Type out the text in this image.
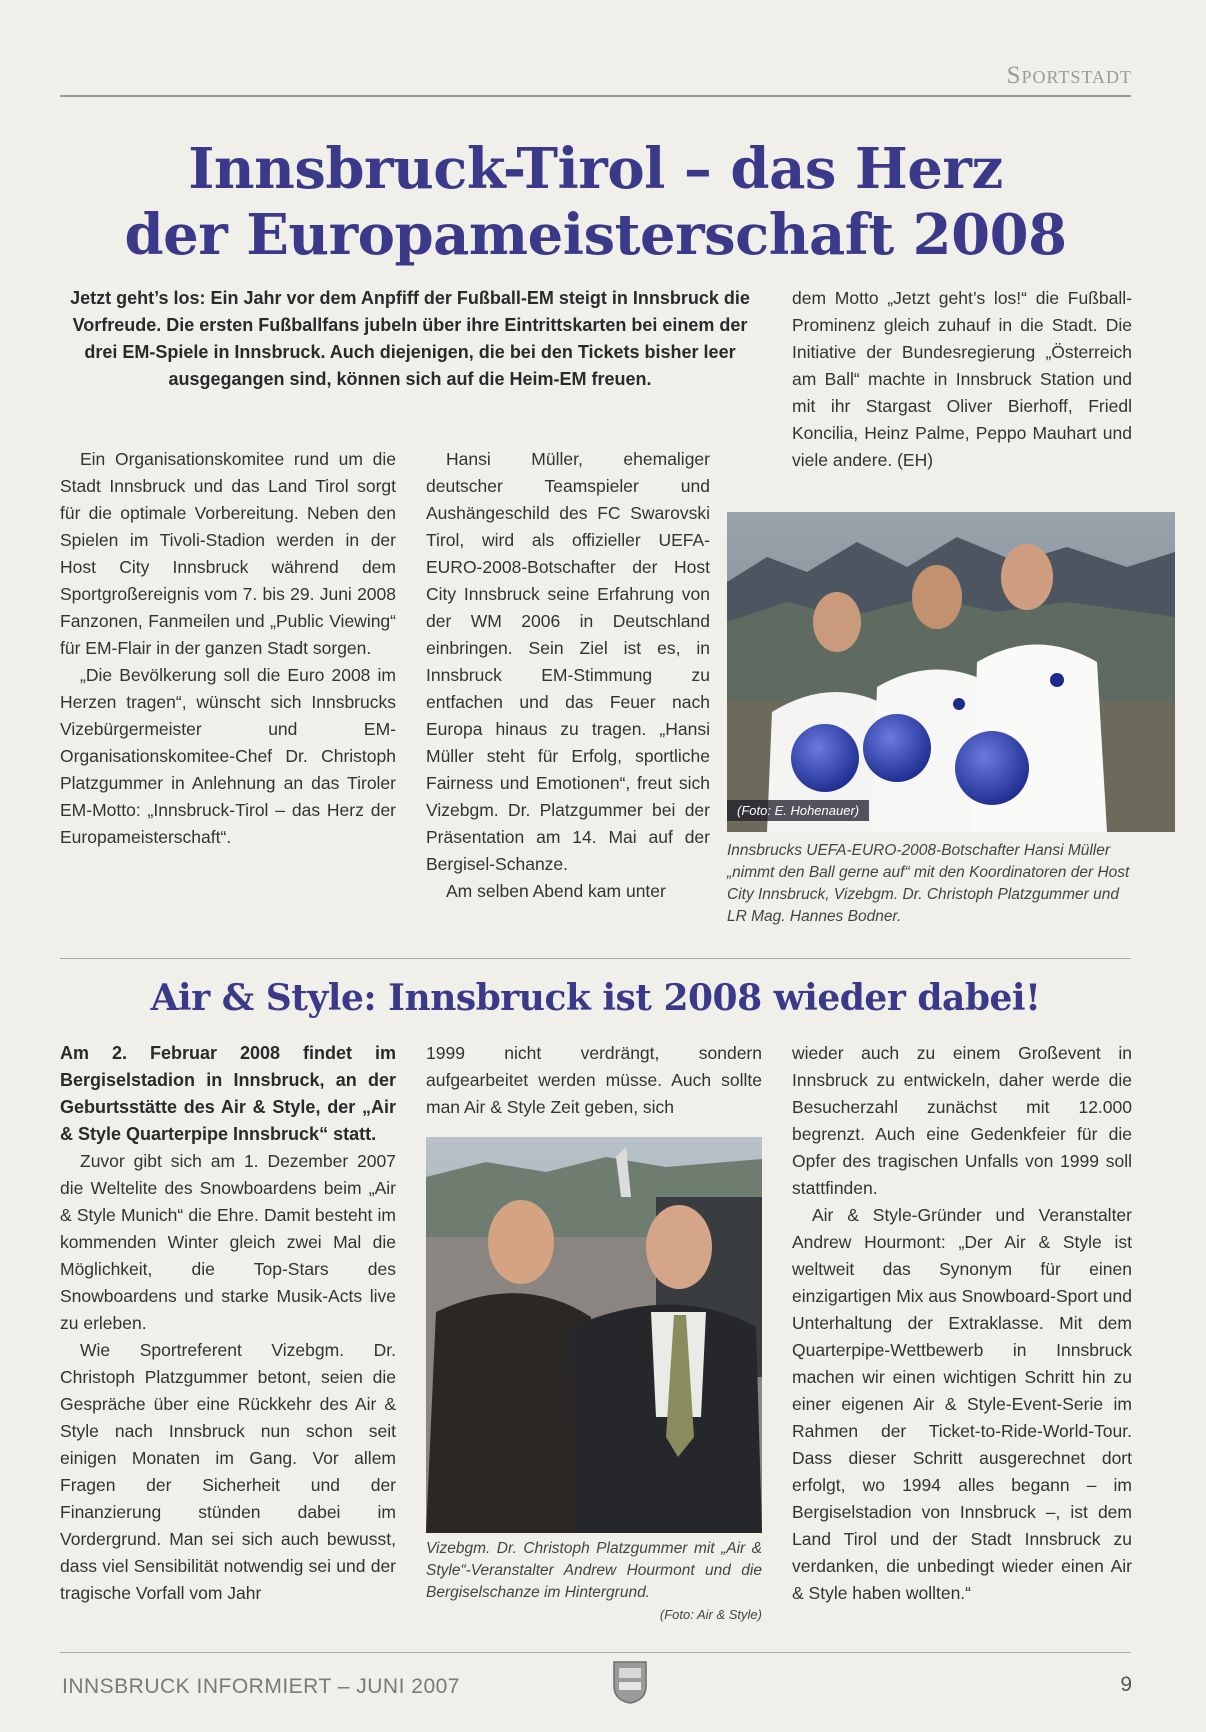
Sportstadt
Innsbruck-Tirol – das Herz
der Europameisterschaft 2008
Jetzt geht’s los: Ein Jahr vor dem Anpfiff der Fußball-EM steigt in Innsbruck die Vorfreude. Die ersten Fußballfans jubeln über ihre Eintrittskarten bei einem der drei EM-Spiele in Innsbruck. Auch diejenigen, die bei den Tickets bisher leer ausgegangen sind, können sich auf die Heim-EM freuen.

Ein Organisationskomitee rund um die Stadt Innsbruck und das Land Tirol sorgt für die optimale Vorbereitung. Neben den Spielen im Tivoli-Stadion werden in der Host City Innsbruck während dem Sportgroßereignis vom 7. bis 29. Juni 2008 Fanzonen, Fanmeilen und „Public Viewing“ für EM-Flair in der ganzen Stadt sorgen.

„Die Bevölkerung soll die Euro 2008 im Herzen tragen“, wünscht sich Innsbrucks Vizebürgermeister und EM-Organisationskomitee-Chef Dr. Christoph Platzgummer in Anlehnung an das Tiroler EM-Motto: „Innsbruck-Tirol – das Herz der Europameisterschaft“.

Hansi Müller, ehemaliger deutscher Teamspieler und Aushängeschild des FC Swarovski Tirol, wird als offizieller UEFA-EURO-2008-Botschafter der Host City Innsbruck seine Erfahrung von der WM 2006 in Deutschland einbringen. Sein Ziel ist es, in Innsbruck EM-Stimmung zu entfachen und das Feuer nach Europa hinaus zu tragen. „Hansi Müller steht für Erfolg, sportliche Fairness und Emotionen“, freut sich Vizebgm. Dr. Platzgummer bei der Präsentation am 14. Mai auf der Bergisel-Schanze.

Am selben Abend kam unter

dem Motto „Jetzt geht’s los!“ die Fußball-Prominenz gleich zuhauf in die Stadt. Die Initiative der Bundesregierung „Österreich am Ball“ machte in Innsbruck Station und mit ihr Stargast Oliver Bierhoff, Friedl Koncilia, Heinz Palme, Peppo Mauhart und viele andere. (EH)

(Foto: E. Hohenauer)
Innsbrucks UEFA-EURO-2008-Botschafter Hansi Müller „nimmt den Ball gerne auf“ mit den Koordinatoren der Host City Innsbruck, Vizebgm. Dr. Christoph Platzgummer und LR Mag. Hannes Bodner.
Air & Style: Innsbruck ist 2008 wieder dabei!

Am 2. Februar 2008 findet im Bergiselstadion in Innsbruck, an der Geburtsstätte des Air & Style, der „Air & Style Quarterpipe Innsbruck“ statt.

Zuvor gibt sich am 1. Dezember 2007 die Weltelite des Snowboardens beim „Air & Style Munich“ die Ehre. Damit besteht im kommenden Winter gleich zwei Mal die Möglichkeit, die Top-Stars des Snowboardens und starke Musik-Acts live zu erleben.

Wie Sportreferent Vizebgm. Dr. Christoph Platzgummer betont, seien die Gespräche über eine Rückkehr des Air & Style nach Innsbruck nun schon seit einigen Monaten im Gang. Vor allem Fragen der Sicherheit und der Finanzierung stünden dabei im Vordergrund. Man sei sich auch bewusst, dass viel Sensibilität notwendig sei und der tragische Vorfall vom Jahr

1999 nicht verdrängt, sondern aufgearbeitet werden müsse. Auch sollte man Air & Style Zeit geben, sich

Vizebgm. Dr. Christoph Platzgummer mit „Air & Style“-Veranstalter Andrew Hourmont und die Bergiselschanze im Hintergrund.
(Foto: Air & Style)

wieder auch zu einem Großevent in Innsbruck zu entwickeln, daher werde die Besucherzahl zunächst mit 12.000 begrenzt. Auch eine Gedenkfeier für die Opfer des tragischen Unfalls von 1999 soll stattfinden.

Air & Style-Gründer und Veranstalter Andrew Hourmont: „Der Air & Style ist weltweit das Synonym für einen einzigartigen Mix aus Snowboard-Sport und Unterhaltung der Extraklasse. Mit dem Quarterpipe-Wettbewerb in Innsbruck machen wir einen wichtigen Schritt hin zu einer eigenen Air & Style-Event-Serie im Rahmen der Ticket-to-Ride-World-Tour. Dass dieser Schritt ausgerechnet dort erfolgt, wo 1994 alles begann – im Bergiselstadion von Innsbruck –, ist dem Land Tirol und der Stadt Innsbruck zu verdanken, die unbedingt wieder einen Air & Style haben wollten.“

INNSBRUCK INFORMIERT – JUNI 2007	9
